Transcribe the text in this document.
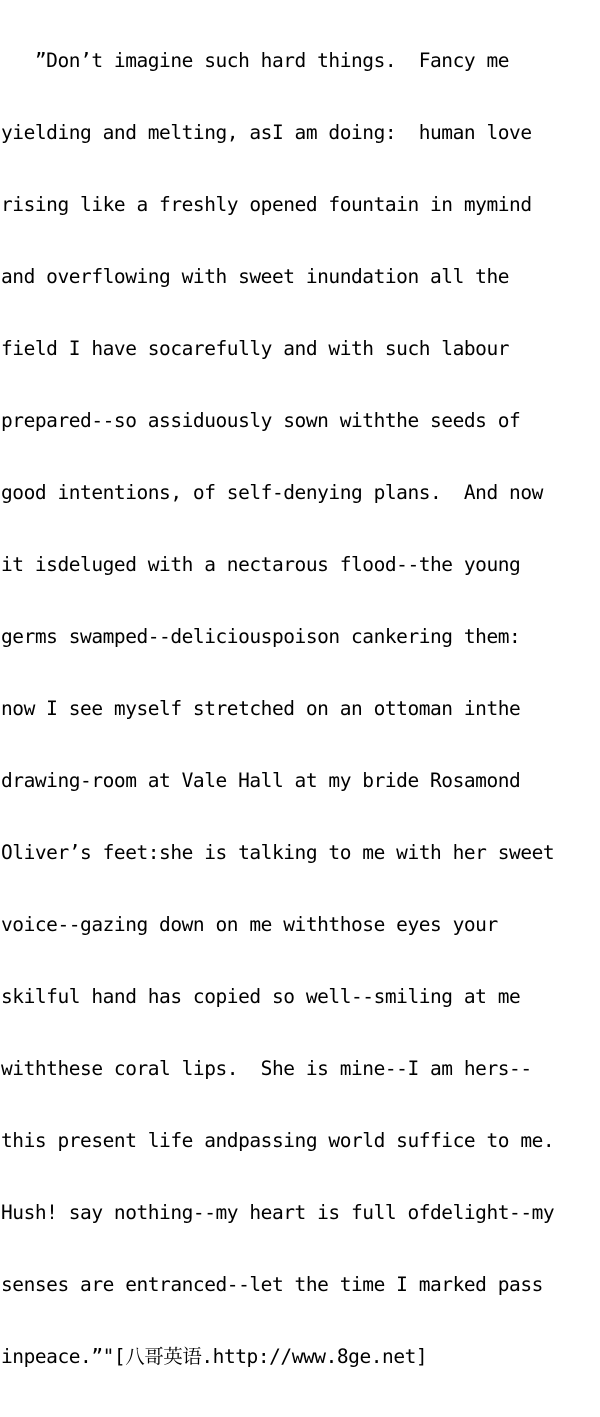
”Don’t imagine such hard things.  Fancy me

yielding and melting, asI am doing:  human love

rising like a freshly opened fountain in mymind

and overflowing with sweet inundation all the

field I have socarefully and with such labour

prepared--so assiduously sown withthe seeds of

good intentions, of self-denying plans.  And now

it isdeluged with a nectarous flood--the young

germs swamped--deliciouspoison cankering them:

now I see myself stretched on an ottoman inthe

drawing-room at Vale Hall at my bride Rosamond

Oliver’s feet:she is talking to me with her sweet

voice--gazing down on me withthose eyes your

skilful hand has copied so well--smiling at me

withthese coral lips.  She is mine--I am hers--

this present life andpassing world suffice to me.

Hush! say nothing--my heart is full ofdelight--my

senses are entranced--let the time I marked pass

inpeace.”"[八哥英语.http://www.8ge.net]
